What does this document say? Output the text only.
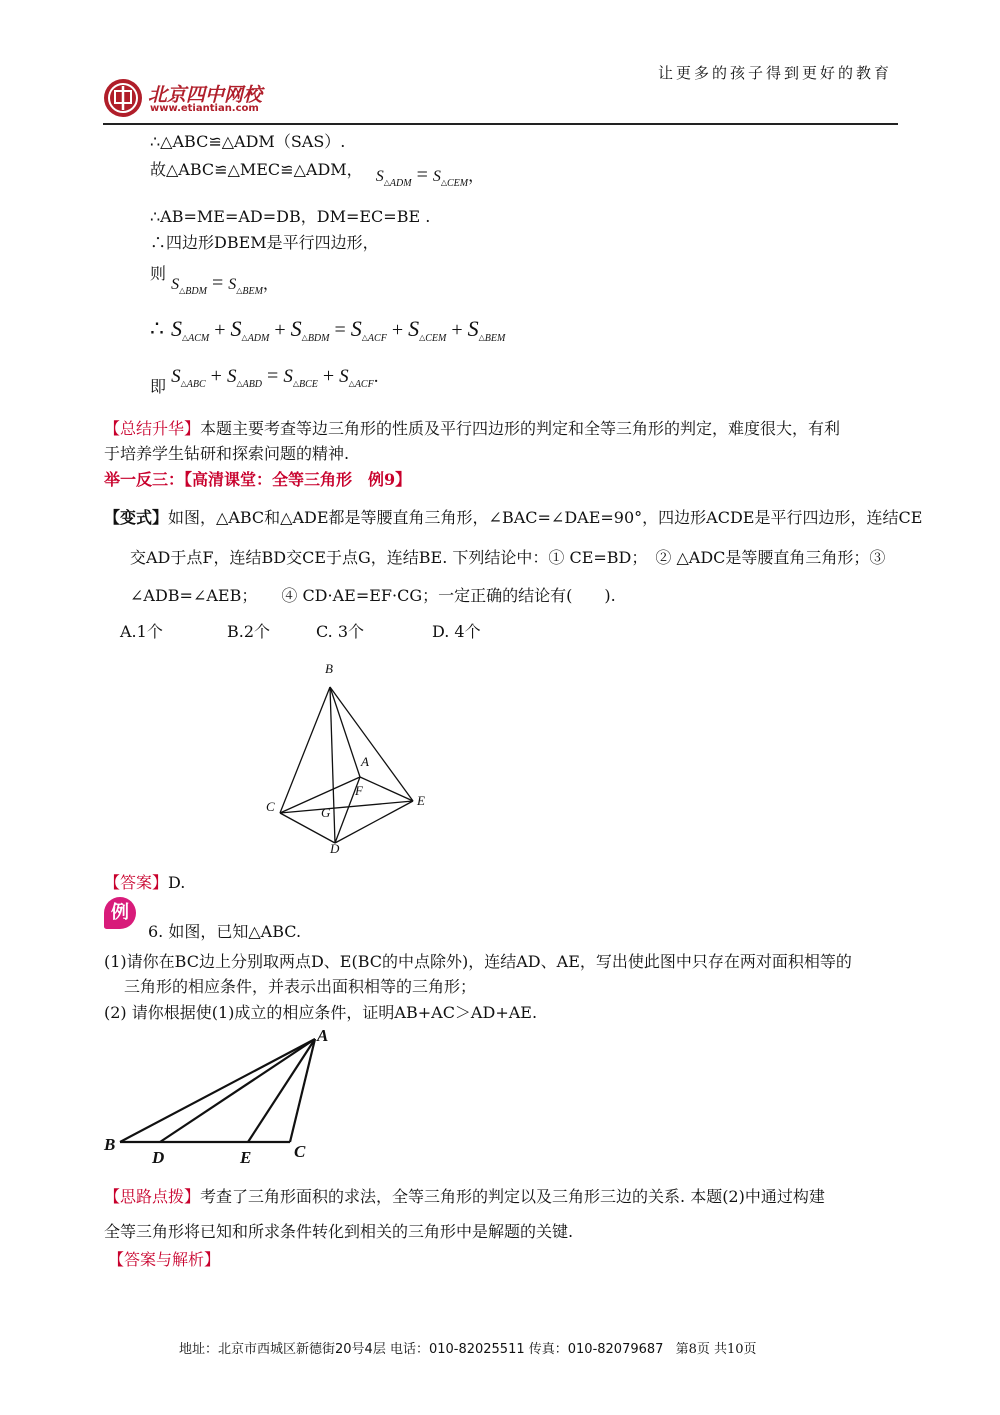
北京四中网校
www.etiantian.com
让更多的孩子得到更好的教育
∴△ABC≌△ADM（SAS）.
故△ABC≌△MEC≌△ADM， $S_{\triangle ADM} = S_{\triangle CEM}$，
∴AB=ME=AD=DB，DM=EC=BE .
∴四边形DBEM是平行四边形，
则 $S_{\triangle BDM} = S_{\triangle BEM}$，
∴ $S\triangle_{ACM}$ + $S\triangle_{ADM}$ + $S\triangle_{BDM}$ = $S\triangle_{ACF}$ + $S\triangle_{CEM}$ + $S\triangle_{BEM}$
即 $S_{\triangle ABC} + S_{\triangle ABD} = S_{\triangle BCE} + S_{\triangle ACF}$.
【总结升华】本题主要考查等边三角形的性质及平行四边形的判定和全等三角形的判定，难度很大，有利
于培养学生钻研和探索问题的精神.
举一反三：【高清课堂：全等三角形　例9】
【变式】如图，△ABC和△ADE都是等腰直角三角形，∠BAC=∠DAE=90°，四边形ACDE是平行四边形，连结CE
交AD于点F，连结BD交CE于点G，连结BE. 下列结论中：① CE=BD；　② △ADC是等腰直角三角形；③
∠ADB=∠AEB；　　④ CD·AE=EF·CG；一定正确的结论有(　　).
A.1个	B.2个	C. 3个	D. 4个
B
A
F
E
C	G
D
【答案】D.
例
6. 如图，已知△ABC.
(1)请你在BC边上分别取两点D、E(BC的中点除外)，连结AD、AE，写出使此图中只存在两对面积相等的
三角形的相应条件，并表示出面积相等的三角形；
(2) 请你根据使(1)成立的相应条件，证明AB+AC＞AD+AE.
A
B
D	E	C
【思路点拨】考查了三角形面积的求法，全等三角形的判定以及三角形三边的关系. 本题(2)中通过构建
全等三角形将已知和所求条件转化到相关的三角形中是解题的关键.
【答案与解析】
地址：北京市西城区新德街20号4层 电话：010-82025511 传真：010-82079687 第8页 共10页
